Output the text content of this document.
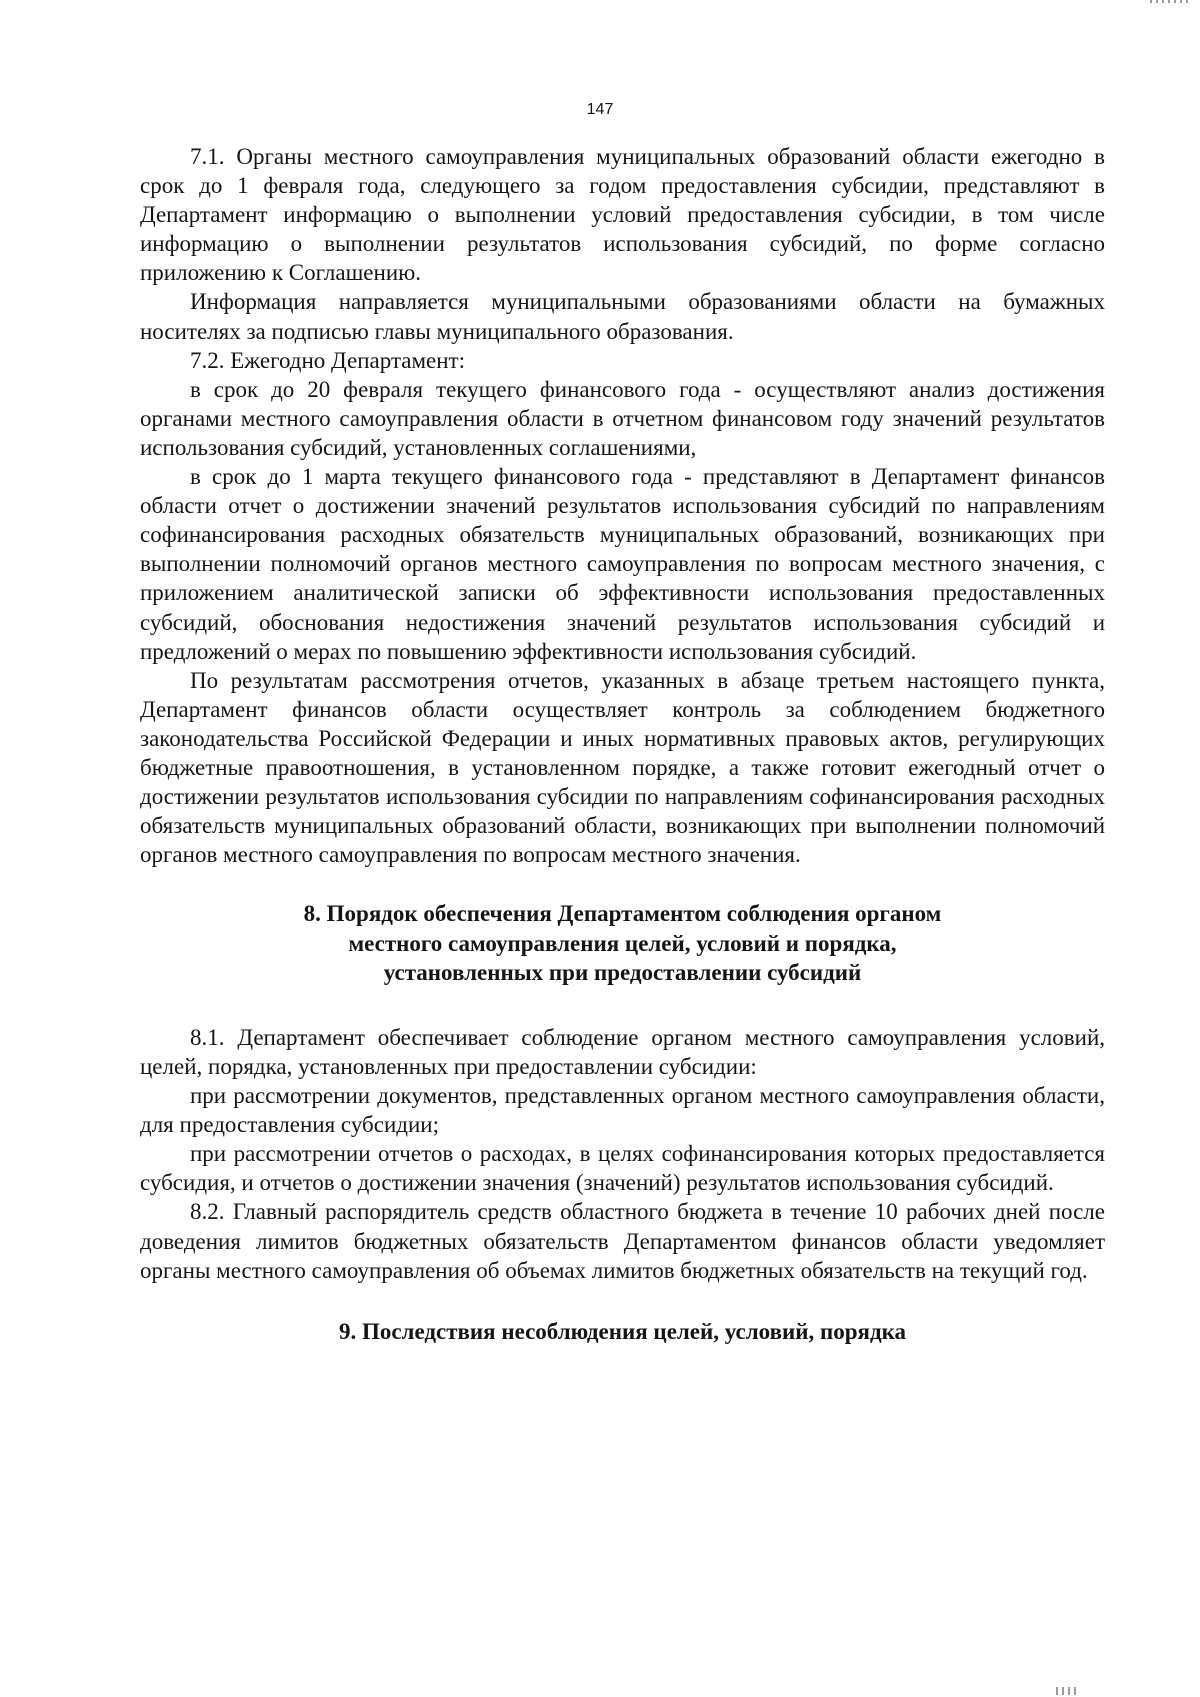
147

7.1. Органы местного самоуправления муниципальных образований области ежегодно в срок до 1 февраля года, следующего за годом предоставления субсидии, представляют в Департамент информацию о выполнении условий предоставления субсидии, в том числе информацию о выполнении результатов использования субсидий, по форме согласно приложению к Соглашению.

Информация направляется муниципальными образованиями области на бумажных носителях за подписью главы муниципального образования.

7.2. Ежегодно Департамент:

в срок до 20 февраля текущего финансового года - осуществляют анализ достижения органами местного самоуправления области в отчетном финансовом году значений результатов использования субсидий, установленных соглашениями,

в срок до 1 марта текущего финансового года - представляют в Департамент финансов области отчет о достижении значений результатов использования субсидий по направлениям софинансирования расходных обязательств муниципальных образований, возникающих при выполнении полномочий органов местного самоуправления по вопросам местного значения, с приложением аналитической записки об эффективности использования предоставленных субсидий, обоснования недостижения значений результатов использования субсидий и предложений о мерах по повышению эффективности использования субсидий.

По результатам рассмотрения отчетов, указанных в абзаце третьем настоящего пункта, Департамент финансов области осуществляет контроль за соблюдением бюджетного законодательства Российской Федерации и иных нормативных правовых актов, регулирующих бюджетные правоотношения, в установленном порядке, а также готовит ежегодный отчет о достижении результатов использования субсидии по направлениям софинансирования расходных обязательств муниципальных образований области, возникающих при выполнении полномочий органов местного самоуправления по вопросам местного значения.

8. Порядок обеспечения Департаментом соблюдения органом
местного самоуправления целей, условий и порядка,
установленных при предоставлении субсидий

8.1. Департамент обеспечивает соблюдение органом местного самоуправления условий, целей, порядка, установленных при предоставлении субсидии:

при рассмотрении документов, представленных органом местного самоуправления области, для предоставления субсидии;

при рассмотрении отчетов о расходах, в целях софинансирования которых предоставляется субсидия, и отчетов о достижении значения (значений) результатов использования субсидий.

8.2. Главный распорядитель средств областного бюджета в течение 10 рабочих дней после доведения лимитов бюджетных обязательств Департаментом финансов области уведомляет органы местного самоуправления об объемах лимитов бюджетных обязательств на текущий год.

9. Последствия несоблюдения целей, условий, порядка
